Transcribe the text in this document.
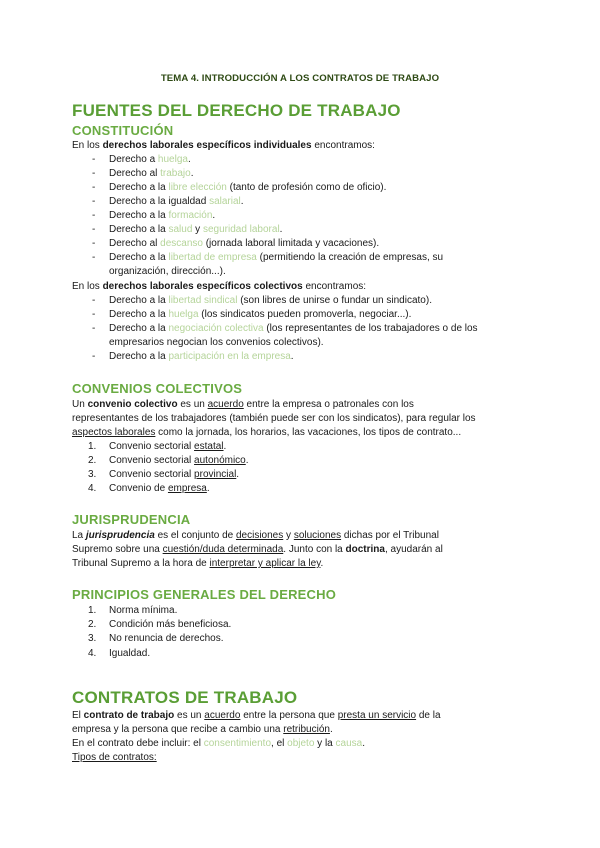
TEMA 4. INTRODUCCIÓN A LOS CONTRATOS DE TRABAJO
FUENTES DEL DERECHO DE TRABAJO
CONSTITUCIÓN
En los derechos laborales específicos individuales encontramos:
- Derecho a huelga.
- Derecho al trabajo.
- Derecho a la libre elección (tanto de profesión como de oficio).
- Derecho a la igualdad salarial.
- Derecho a la formación.
- Derecho a la salud y seguridad laboral.
- Derecho al descanso (jornada laboral limitada y vacaciones).
- Derecho a la libertad de empresa (permitiendo la creación de empresas, su
organización, dirección...).
En los derechos laborales específicos colectivos encontramos:
- Derecho a la libertad sindical (son libres de unirse o fundar un sindicato).
- Derecho a la huelga (los sindicatos pueden promoverla, negociar...).
- Derecho a la negociación colectiva (los representantes de los trabajadores o de los
empresarios negocian los convenios colectivos).
- Derecho a la participación en la empresa.
CONVENIOS COLECTIVOS
Un convenio colectivo es un acuerdo entre la empresa o patronales con los
representantes de los trabajadores (también puede ser con los sindicatos), para regular los
aspectos laborales como la jornada, los horarios, las vacaciones, los tipos de contrato...
1. Convenio sectorial estatal.
2. Convenio sectorial autonómico.
3. Convenio sectorial provincial.
4. Convenio de empresa.
JURISPRUDENCIA
La jurisprudencia es el conjunto de decisiones y soluciones dichas por el Tribunal
Supremo sobre una cuestión/duda determinada. Junto con la doctrina, ayudarán al
Tribunal Supremo a la hora de interpretar y aplicar la ley.
PRINCIPIOS GENERALES DEL DERECHO
1. Norma mínima.
2. Condición más beneficiosa.
3. No renuncia de derechos.
4. Igualdad.
CONTRATOS DE TRABAJO
El contrato de trabajo es un acuerdo entre la persona que presta un servicio de la
empresa y la persona que recibe a cambio una retribución.
En el contrato debe incluir: el consentimiento, el objeto y la causa.
Tipos de contratos:
